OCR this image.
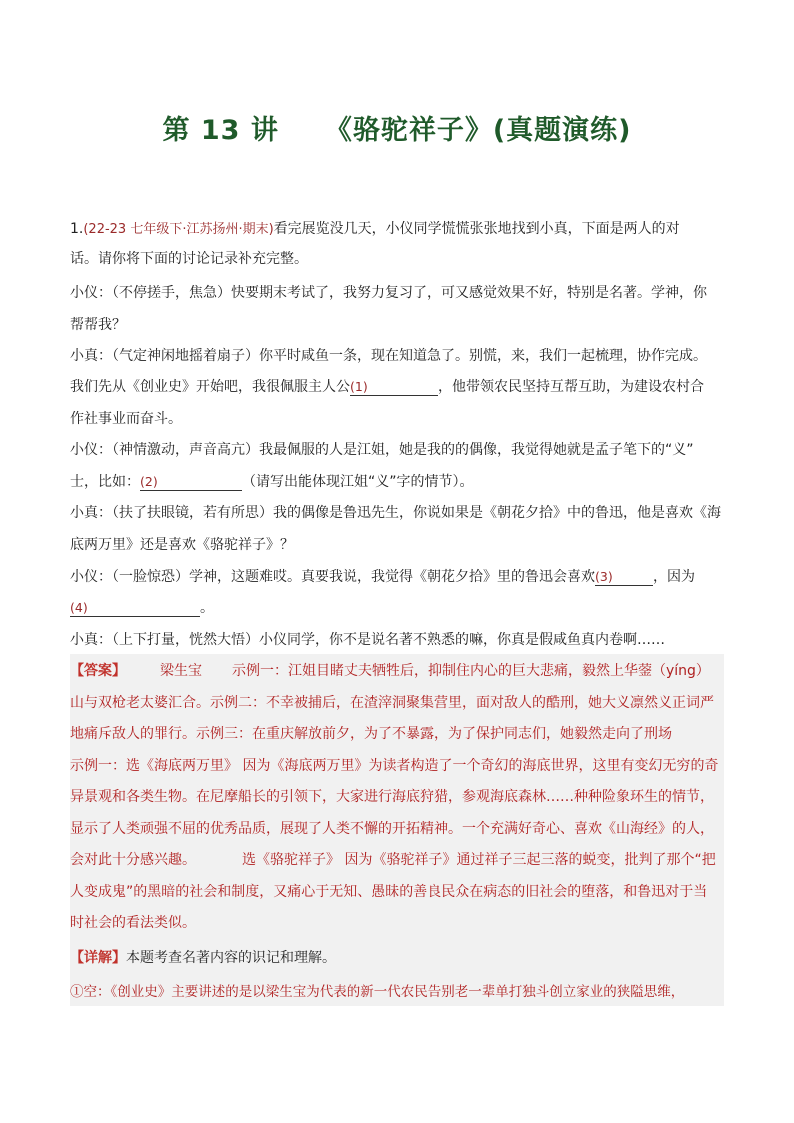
第 13 讲 《骆驼祥子》(真题演练)
1.(22-23 七年级下·江苏扬州·期末)看完展览没几天，小仪同学慌慌张张地找到小真，下面是两人的对
话。请你将下面的讨论记录补充完整。
小仪：（不停搓手，焦急）快要期末考试了，我努力复习了，可又感觉效果不好，特别是名著。学神，你
帮帮我？
小真：（气定神闲地摇着扇子）你平时咸鱼一条，现在知道急了。别慌，来，我们一起梳理，协作完成。
我们先从《创业史》开始吧，我很佩服主人公(1)	，他带领农民坚持互帮互助，为建设农村合
作社事业而奋斗。
小仪：（神情激动，声音高亢）我最佩服的人是江姐，她是我的的偶像，我觉得她就是孟子笔下的“义”
士，比如：(2)	（请写出能体现江姐“义”字的情节）。
小真：（扶了扶眼镜，若有所思）我的偶像是鲁迅先生，你说如果是《朝花夕拾》中的鲁迅，他是喜欢《海
底两万里》还是喜欢《骆驼祥子》？
小仪：（一脸惊恐）学神，这题难哎。真要我说，我觉得《朝花夕拾》里的鲁迅会喜欢(3)	，因为
(4)	。
小真：（上下打量，恍然大悟）小仪同学，你不是说名著不熟悉的嘛，你真是假咸鱼真内卷啊……
【答案】 梁生宝 示例一：江姐目睹丈夫牺牲后，抑制住内心的巨大悲痛，毅然上华蓥（yíng）
山与双枪老太婆汇合。示例二：不幸被捕后，在渣滓洞聚集营里，面对敌人的酷刑，她大义凛然义正词严
地痛斥敌人的罪行。示例三：在重庆解放前夕，为了不暴露，为了保护同志们，她毅然走向了刑场
示例一：选《海底两万里》 因为《海底两万里》为读者构造了一个奇幻的海底世界，这里有变幻无穷的奇
异景观和各类生物。在尼摩船长的引领下，大家进行海底狩猎，参观海底森林……种种险象环生的情节，
显示了人类顽强不屈的优秀品质，展现了人类不懈的开拓精神。一个充满好奇心、喜欢《山海经》的人，
会对此十分感兴趣。	选《骆驼祥子》 因为《骆驼祥子》通过祥子三起三落的蜕变，批判了那个“把
人变成鬼”的黑暗的社会和制度，又痛心于无知、愚昧的善良民众在病态的旧社会的堕落，和鲁迅对于当
时社会的看法类似。
【详解】本题考查名著内容的识记和理解。
①空：《创业史》主要讲述的是以梁生宝为代表的新一代农民告别老一辈单打独斗创立家业的狭隘思维，
